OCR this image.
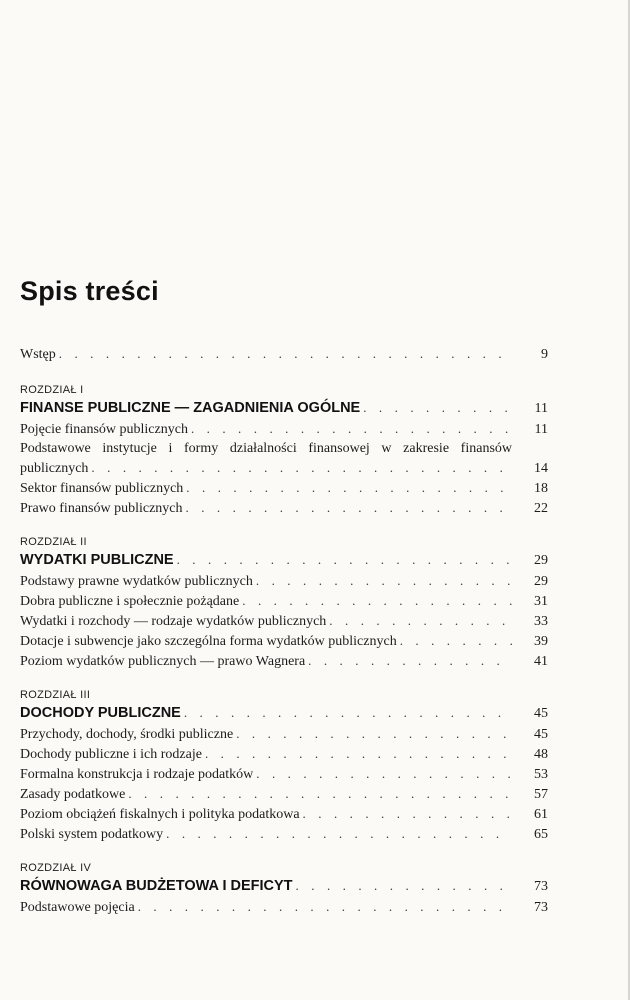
Spis treści
Wstęp . . .	9
ROZDZIAŁ I
FINANSE PUBLICZNE — ZAGADNIENIA OGÓLNE . . .	11
Pojęcie finansów publicznych . . .	11
Podstawowe instytucje i formy działalności finansowej w zakresie finansów
publicznych . . .	14
Sektor finansów publicznych . . .	18
Prawo finansów publicznych . . .	22
ROZDZIAŁ II
WYDATKI PUBLICZNE . . .	29
Podstawy prawne wydatków publicznych . . .	29
Dobra publiczne i społecznie pożądane . . .	31
Wydatki i rozchody — rodzaje wydatków publicznych . . .	33
Dotacje i subwencje jako szczególna forma wydatków publicznych . . .	39
Poziom wydatków publicznych — prawo Wagnera . . .	41
ROZDZIAŁ III
DOCHODY PUBLICZNE . . .	45
Przychody, dochody, środki publiczne . . .	45
Dochody publiczne i ich rodzaje . . .	48
Formalna konstrukcja i rodzaje podatków . . .	53
Zasady podatkowe . . .	57
Poziom obciążeń fiskalnych i polityka podatkowa . . .	61
Polski system podatkowy . . .	65
ROZDZIAŁ IV
RÓWNOWAGA BUDŻETOWA I DEFICYT . . .	73
Podstawowe pojęcia . . .	73
